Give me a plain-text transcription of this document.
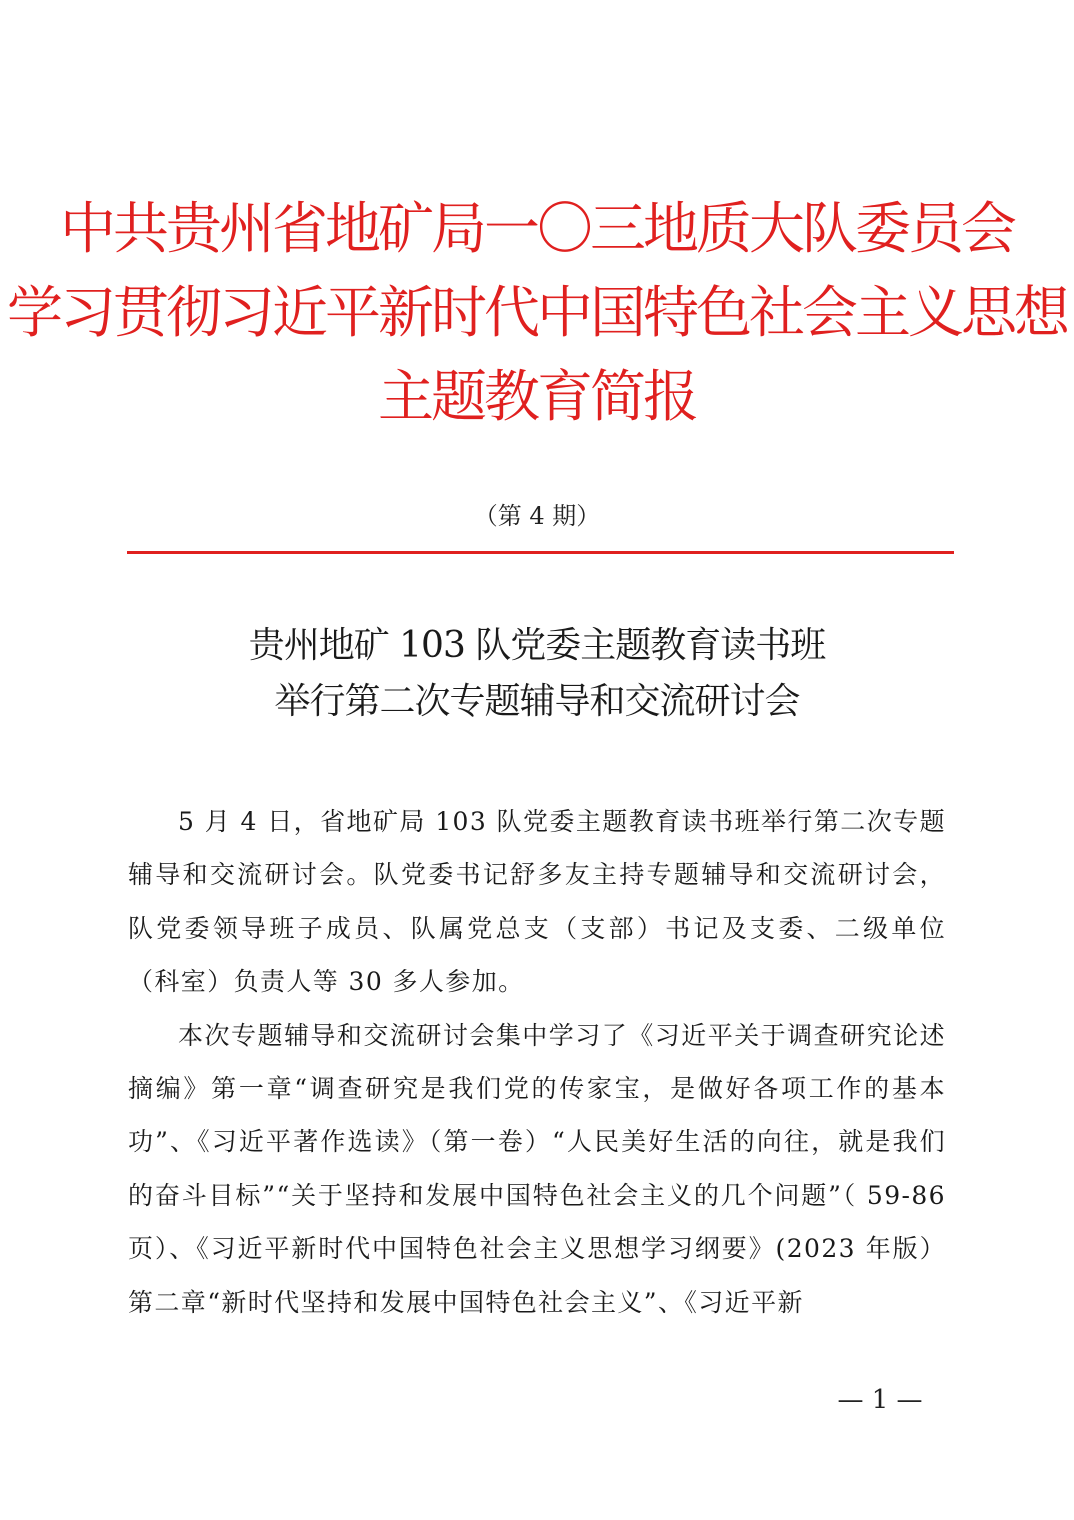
中共贵州省地矿局一〇三地质大队委员会
学习贯彻习近平新时代中国特色社会主义思想
主题教育简报
（第 4 期）
贵州地矿 103 队党委主题教育读书班
举行第二次专题辅导和交流研讨会

5 月 4 日，省地矿局 103 队党委主题教育读书班举行第二次专题辅导和交流研讨会。队党委书记舒多友主持专题辅导和交流研讨会，队党委领导班子成员、队属党总支（支部）书记及支委、二级单位（科室）负责人等 30 多人参加。

本次专题辅导和交流研讨会集中学习了《习近平关于调查研究论述摘编》第一章“调查研究是我们党的传家宝，是做好各项工作的基本功”、《习近平著作选读》（第一卷）“人民美好生活的向往，就是我们的奋斗目标”“关于坚持和发展中国特色社会主义的几个问题”（ 59-86 页）、《习近平新时代中国特色社会主义思想学习纲要》(2023 年版）第二章“新时代坚持和发展中国特色社会主义”、《习近平新

— 1 —
